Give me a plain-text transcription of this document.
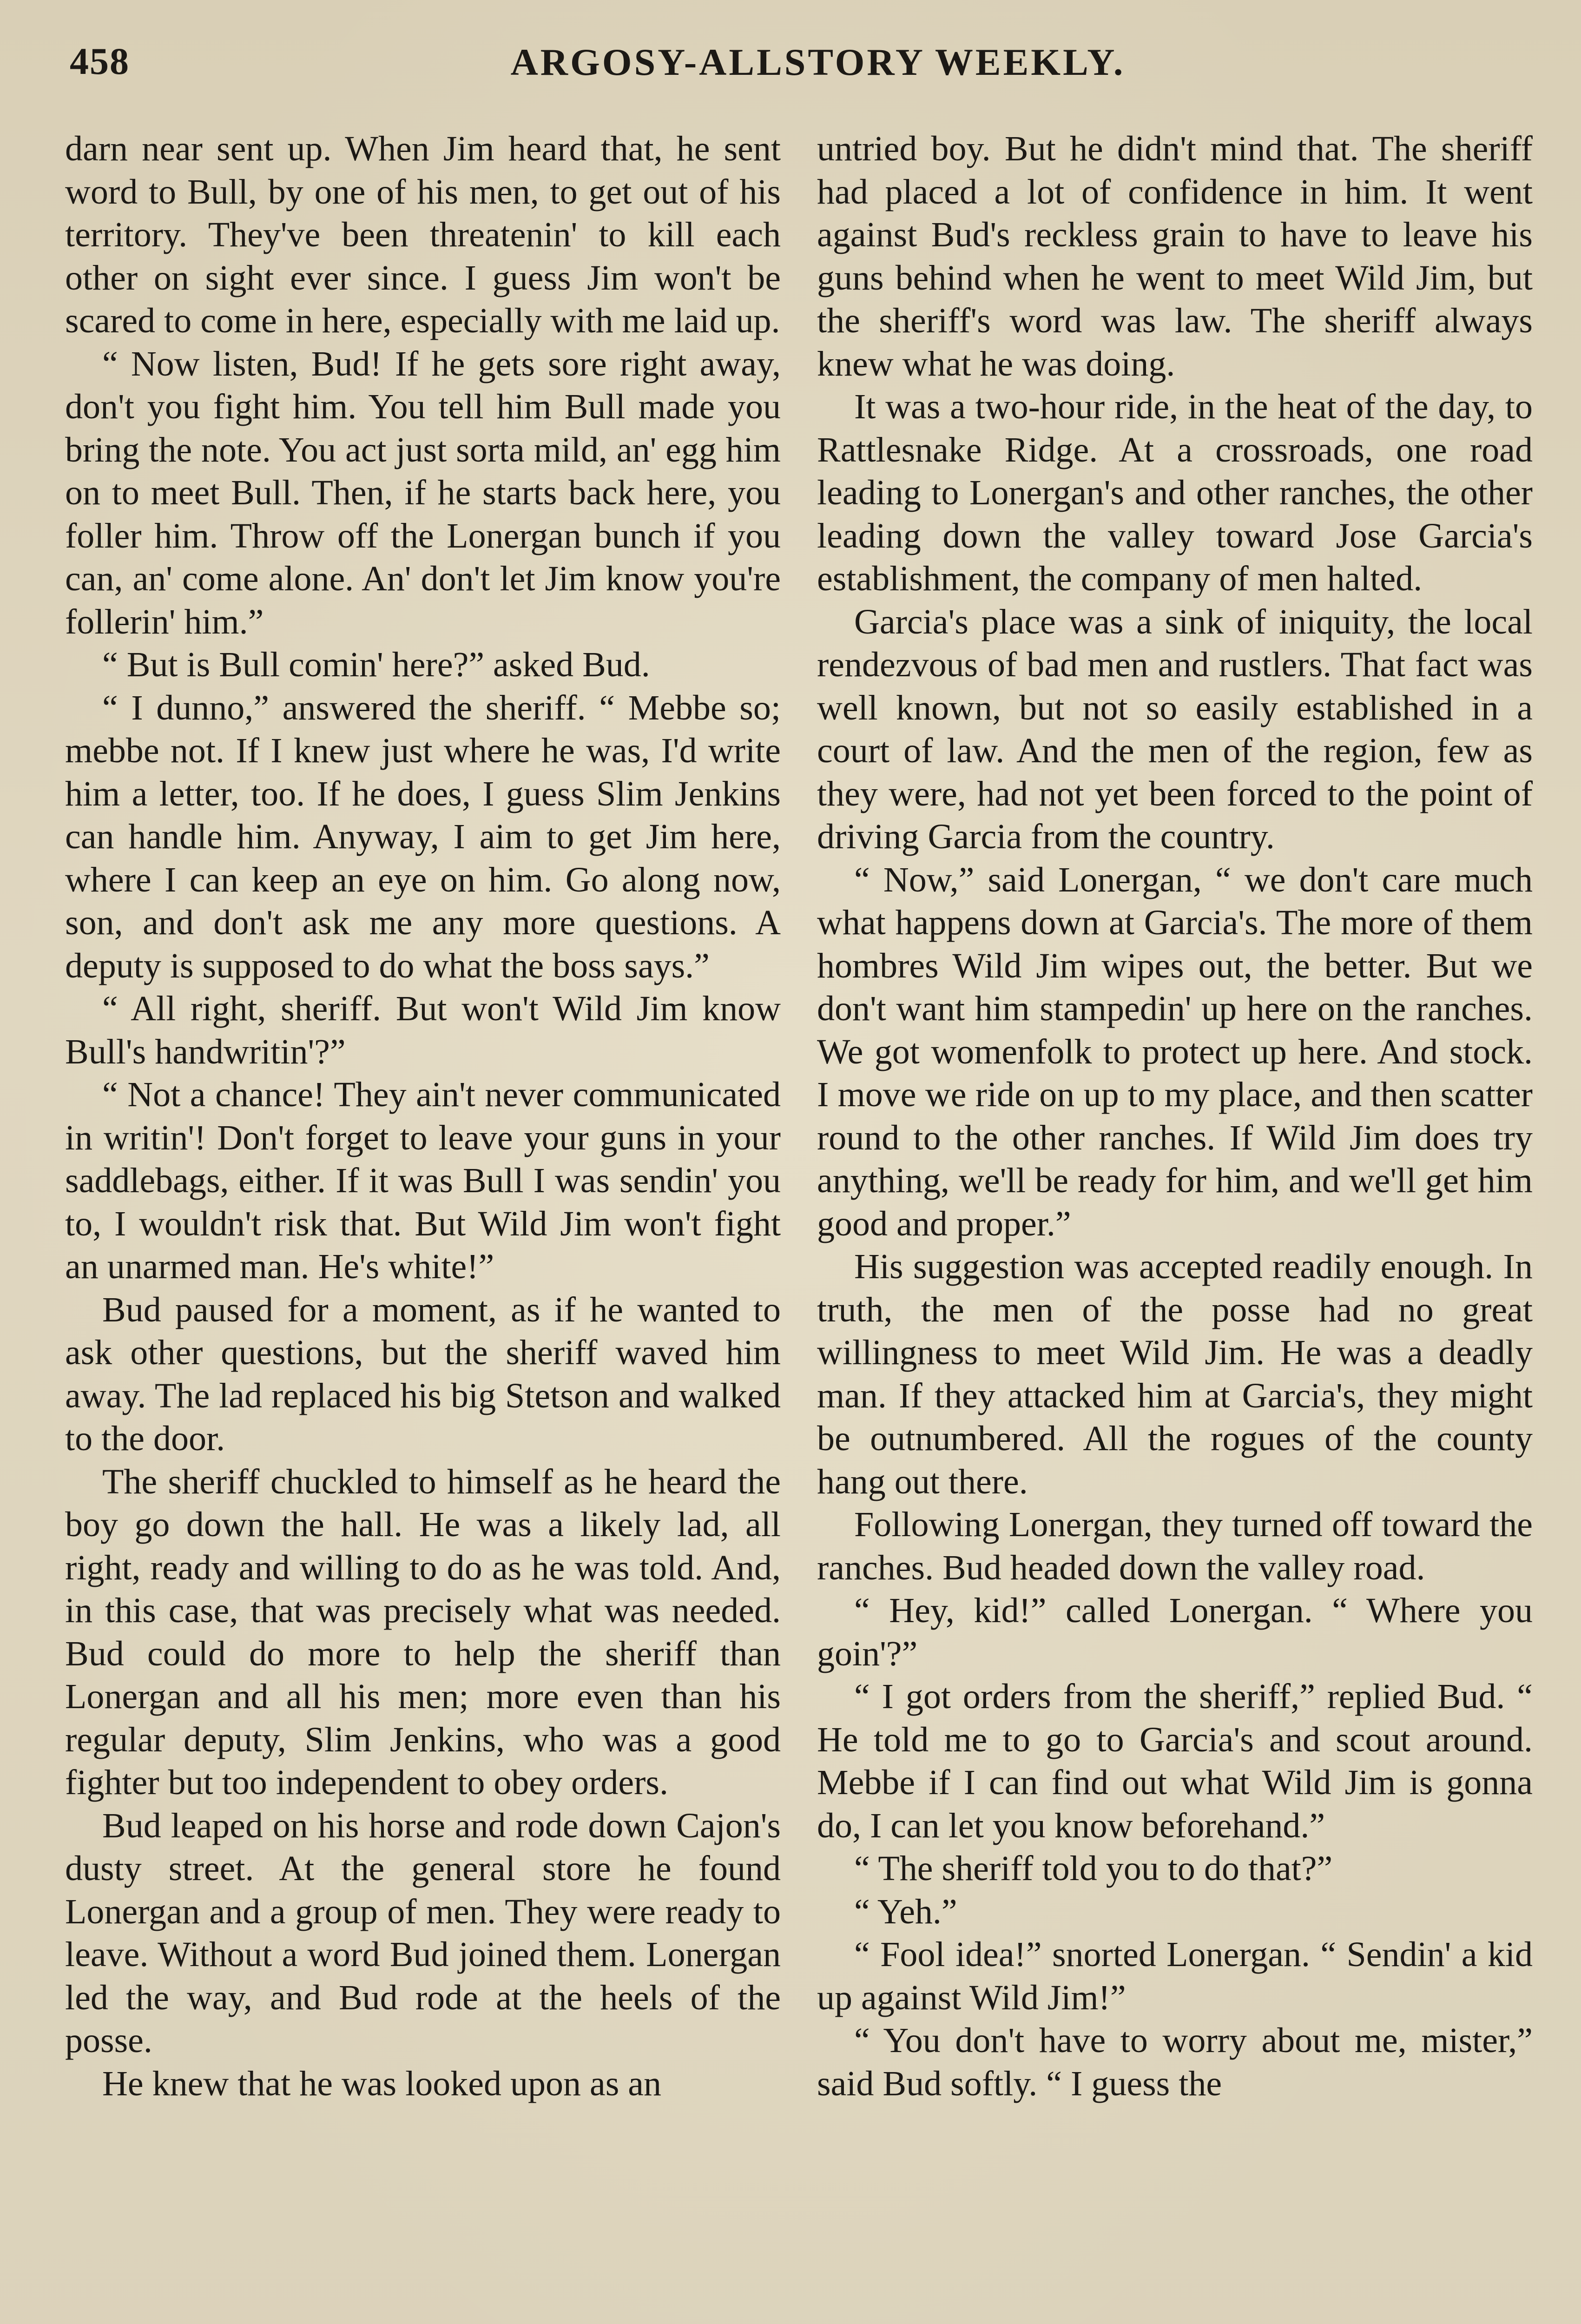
458	ARGOSY-ALLSTORY WEEKLY.

darn near sent up. When Jim heard that, he sent word to Bull, by one of his men, to get out of his territory. They've been threatenin' to kill each other on sight ever since. I guess Jim won't be scared to come in here, especially with me laid up.

“ Now listen, Bud! If he gets sore right away, don't you fight him. You tell him Bull made you bring the note. You act just sorta mild, an' egg him on to meet Bull. Then, if he starts back here, you foller him. Throw off the Lonergan bunch if you can, an' come alone. An' don't let Jim know you're follerin' him.”

“ But is Bull comin' here?” asked Bud.

“ I dunno,” answered the sheriff. “ Mebbe so; mebbe not. If I knew just where he was, I'd write him a letter, too. If he does, I guess Slim Jenkins can handle him. Anyway, I aim to get Jim here, where I can keep an eye on him. Go along now, son, and don't ask me any more questions. A deputy is supposed to do what the boss says.”

“ All right, sheriff. But won't Wild Jim know Bull's handwritin'?”

“ Not a chance! They ain't never communicated in writin'! Don't forget to leave your guns in your saddlebags, either. If it was Bull I was sendin' you to, I wouldn't risk that. But Wild Jim won't fight an unarmed man. He's white!”

Bud paused for a moment, as if he wanted to ask other questions, but the sheriff waved him away. The lad replaced his big Stetson and walked to the door.

The sheriff chuckled to himself as he heard the boy go down the hall. He was a likely lad, all right, ready and willing to do as he was told. And, in this case, that was precisely what was needed. Bud could do more to help the sheriff than Lonergan and all his men; more even than his regular deputy, Slim Jenkins, who was a good fighter but too independent to obey orders.

Bud leaped on his horse and rode down Cajon's dusty street. At the general store he found Lonergan and a group of men. They were ready to leave. Without a word Bud joined them. Lonergan led the way, and Bud rode at the heels of the posse.

He knew that he was looked upon as an

untried boy. But he didn't mind that. The sheriff had placed a lot of confidence in him. It went against Bud's reckless grain to have to leave his guns behind when he went to meet Wild Jim, but the sheriff's word was law. The sheriff always knew what he was doing.

It was a two-hour ride, in the heat of the day, to Rattlesnake Ridge. At a crossroads, one road leading to Lonergan's and other ranches, the other leading down the valley toward Jose Garcia's establishment, the company of men halted.

Garcia's place was a sink of iniquity, the local rendezvous of bad men and rustlers. That fact was well known, but not so easily established in a court of law. And the men of the region, few as they were, had not yet been forced to the point of driving Garcia from the country.

“ Now,” said Lonergan, “ we don't care much what happens down at Garcia's. The more of them hombres Wild Jim wipes out, the better. But we don't want him stampedin' up here on the ranches. We got womenfolk to protect up here. And stock. I move we ride on up to my place, and then scatter round to the other ranches. If Wild Jim does try anything, we'll be ready for him, and we'll get him good and proper.”

His suggestion was accepted readily enough. In truth, the men of the posse had no great willingness to meet Wild Jim. He was a deadly man. If they attacked him at Garcia's, they might be outnumbered. All the rogues of the county hang out there.

Following Lonergan, they turned off toward the ranches. Bud headed down the valley road.

“ Hey, kid!” called Lonergan. “ Where you goin'?”

“ I got orders from the sheriff,” replied Bud. “ He told me to go to Garcia's and scout around. Mebbe if I can find out what Wild Jim is gonna do, I can let you know beforehand.”

“ The sheriff told you to do that?”

“ Yeh.”

“ Fool idea!” snorted Lonergan. “ Sendin' a kid up against Wild Jim!”

“ You don't have to worry about me, mister,” said Bud softly. “ I guess the
